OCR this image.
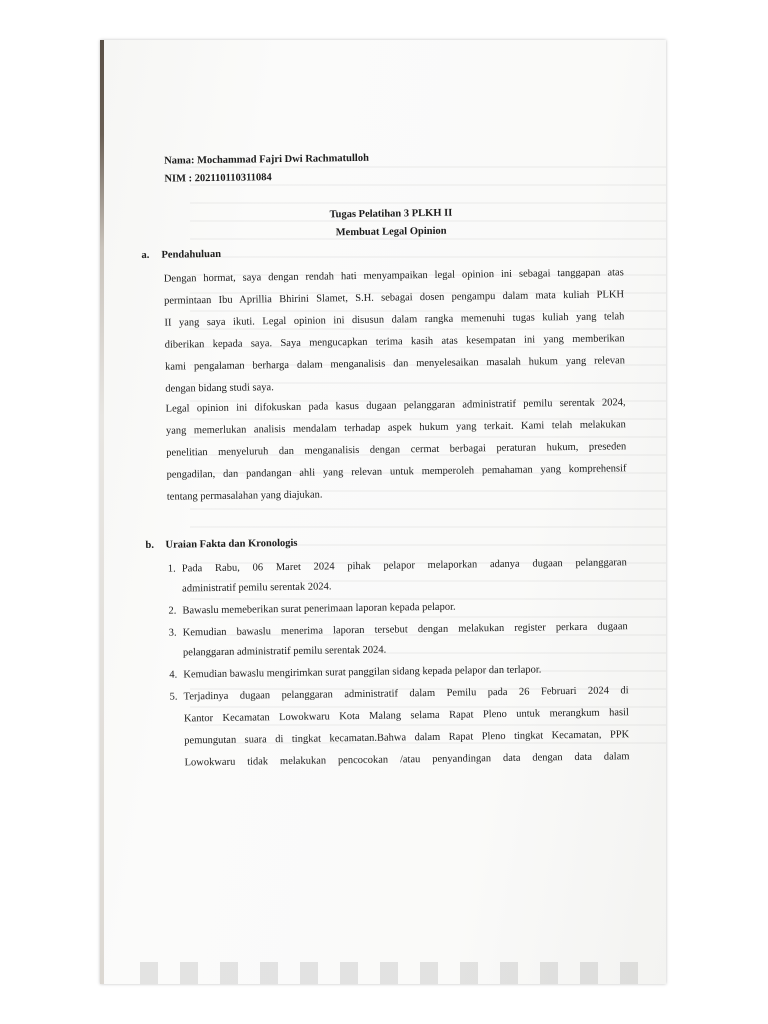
Nama: Mochammad Fajri Dwi Rachmatulloh
NIM : 202110110311084
Tugas Pelatihan 3 PLKH II
Membuat Legal Opinion
a. Pendahuluan
Dengan hormat, saya dengan rendah hati menyampaikan legal opinion ini sebagai tanggapan atas
permintaan Ibu Aprillia Bhirini Slamet, S.H. sebagai dosen pengampu dalam mata kuliah PLKH
II yang saya ikuti. Legal opinion ini disusun dalam rangka memenuhi tugas kuliah yang telah
diberikan kepada saya. Saya mengucapkan terima kasih atas kesempatan ini yang memberikan
kami pengalaman berharga dalam menganalisis dan menyelesaikan masalah hukum yang relevan
dengan bidang studi saya.
Legal opinion ini difokuskan pada kasus dugaan pelanggaran administratif pemilu serentak 2024,
yang memerlukan analisis mendalam terhadap aspek hukum yang terkait. Kami telah melakukan
penelitian menyeluruh dan menganalisis dengan cermat berbagai peraturan hukum, preseden
pengadilan, dan pandangan ahli yang relevan untuk memperoleh pemahaman yang komprehensif
tentang permasalahan yang diajukan.
b. Uraian Fakta dan Kronologis
1. Pada Rabu, 06 Maret 2024 pihak pelapor melaporkan adanya dugaan pelanggaran
administratif pemilu serentak 2024.
2. Bawaslu memeberikan surat penerimaan laporan kepada pelapor.
3. Kemudian bawaslu menerima laporan tersebut dengan melakukan register perkara dugaan
pelanggaran administratif pemilu serentak 2024.
4. Kemudian bawaslu mengirimkan surat panggilan sidang kepada pelapor dan terlapor.
5. Terjadinya dugaan pelanggaran administratif dalam Pemilu pada 26 Februari 2024 di
Kantor Kecamatan Lowokwaru Kota Malang selama Rapat Pleno untuk merangkum hasil
pemungutan suara di tingkat kecamatan.Bahwa dalam Rapat Pleno tingkat Kecamatan, PPK
Lowokwaru tidak melakukan pencocokan /atau penyandingan data dengan data dalam
